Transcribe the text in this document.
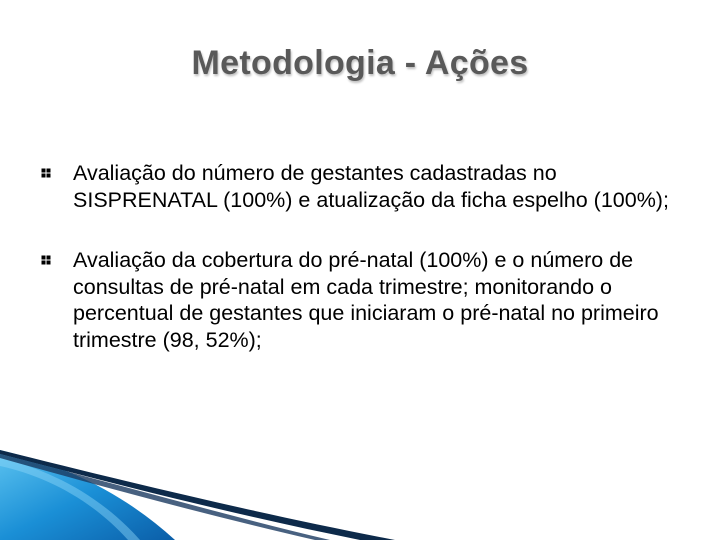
Metodologia - Ações
Avaliação do número de gestantes cadastradas no SISPRENATAL (100%) e atualização da ficha espelho (100%);
Avaliação da cobertura do pré-natal (100%) e o número de consultas de pré-natal em cada trimestre; monitorando o percentual de gestantes que iniciaram o pré-natal no primeiro trimestre (98, 52%);
